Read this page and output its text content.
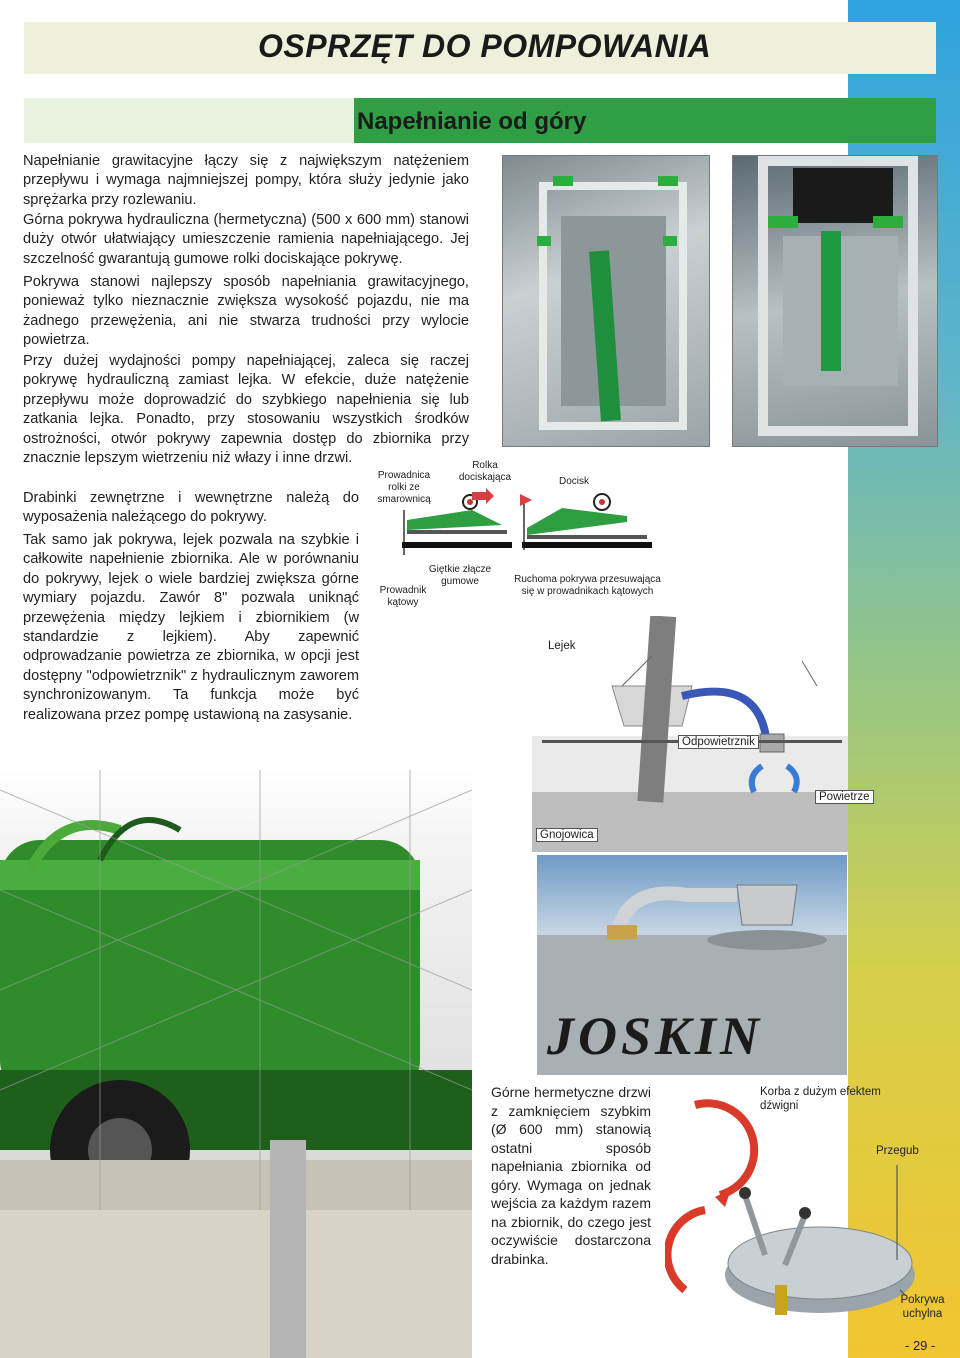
OSPRZĘT DO POMPOWANIA
Napełnianie od góry

Napełnianie grawitacyjne łączy się z największym natężeniem przepływu i wymaga najmniejszej pompy, która służy jedynie jako sprężarka przy rozlewaniu.

Górna pokrywa hydrauliczna (hermetyczna) (500 x 600 mm) stanowi duży otwór ułatwiający umieszczenie ramienia napełniającego. Jej szczelność gwarantują gumowe rolki dociskające pokrywę.

Pokrywa stanowi najlepszy sposób napełniania grawitacyjnego, ponieważ tylko nieznacznie zwiększa wysokość pojazdu, nie ma żadnego przewężenia, ani nie stwarza trudności przy wylocie powietrza.

Przy dużej wydajności pompy napełniającej, zaleca się raczej pokrywę hydrauliczną zamiast lejka. W efekcie, duże natężenie przepływu może doprowadzić do szybkiego napełnienia się lub zatkania lejka. Ponadto, przy stosowaniu wszystkich środków ostrożności, otwór pokrywy zapewnia dostęp do zbiornika przy znacznie lepszym wietrzeniu niż włazy i inne drzwi.

Drabinki zewnętrzne i wewnętrzne należą do wyposażenia należącego do pokrywy.

Tak samo jak pokrywa, lejek pozwala na szybkie i całkowite napełnienie zbiornika. Ale w porównaniu do pokrywy, lejek o wiele bardziej zwiększa górne wymiary pojazdu. Zawór 8" pozwala uniknąć przewężenia między lejkiem i zbiornikiem (w standardzie z lejkiem). Aby zapewnić odprowadzanie powietrza ze zbiornika, w opcji jest dostępny "odpowietrznik" z hydraulicznym zaworem synchronizowanym. Ta funkcja może być realizowana przez pompę ustawioną na zasysanie.

Rolka dociskająca
Prowadnica rolki ze smarownicą
Docisk
Giętkie złącze gumowe
Prowadnik kątowy
Ruchoma pokrywa przesuwająca się w prowadnikach kątowych
Lejek
Odpowietrznik
Powietrze
Gnojowica
JOSKIN

Górne hermetyczne drzwi z zamknięciem szybkim (Ø 600 mm) stanowią ostatni sposób napełniania zbiornika od góry. Wymaga on jednak wejścia za każdym razem na zbiornik, do czego jest oczywiście dostarczona drabinka.

Korba z dużym efektem dźwigni
Przegub
Pokrywa uchylna
- 29 -
